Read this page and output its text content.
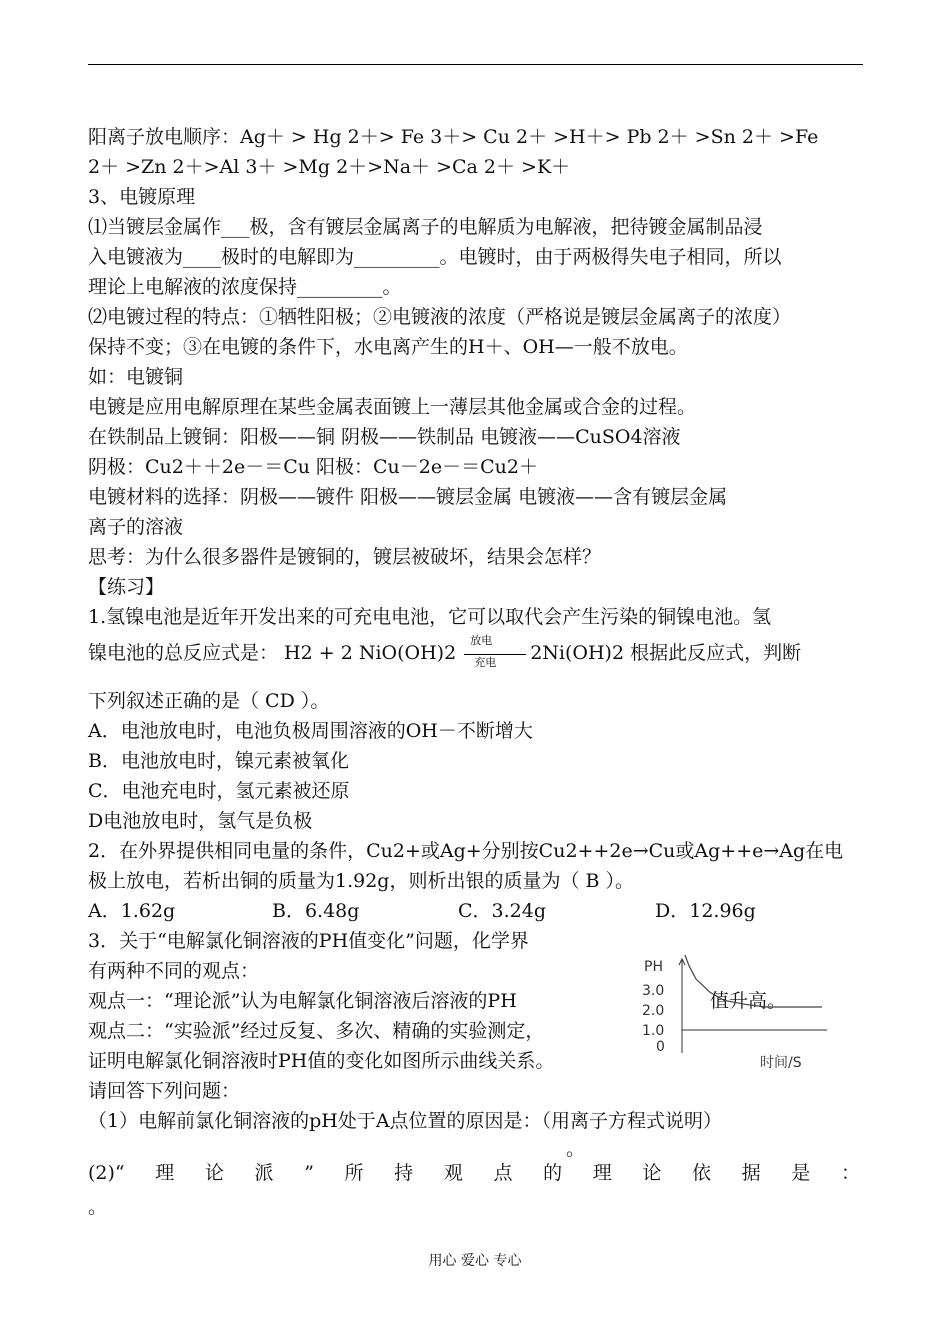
阳离子放电顺序：Ag＋ > Hg 2＋> Fe 3＋> Cu 2＋ >H＋> Pb 2＋ >Sn 2＋ >Fe
2＋ >Zn 2＋>Al 3＋ >Mg 2＋>Na＋ >Ca 2＋ >K＋
3、电镀原理
⑴当镀层金属作___极，含有镀层金属离子的电解质为电解液，把待镀金属制品浸
入电镀液为____极时的电解即为_________。电镀时，由于两极得失电子相同，所以
理论上电解液的浓度保持_________。
⑵电镀过程的特点：①牺牲阳极；②电镀液的浓度（严格说是镀层金属离子的浓度）
保持不变；③在电镀的条件下，水电离产生的H＋、OH—一般不放电。
如：电镀铜
电镀是应用电解原理在某些金属表面镀上一薄层其他金属或合金的过程。
在铁制品上镀铜：阳极——铜 阴极——铁制品 电镀液——CuSO4溶液
阴极：Cu2＋＋2e－＝Cu 阳极：Cu－2e－＝Cu2＋
电镀材料的选择：阴极——镀件 阳极——镀层金属 电镀液——含有镀层金属
离子的溶液
思考：为什么很多器件是镀铜的，镀层被破坏，结果会怎样？
【练习】
1.氢镍电池是近年开发出来的可充电电池，它可以取代会产生污染的铜镍电池。氢
镍电池的总反应式是： H2 + 2 NiO(OH)2
放电
充电 2Ni(OH)2 根据此反应式，判断
下列叙述正确的是（ CD ）。
A．电池放电时，电池负极周围溶液的OH－不断增大
B．电池放电时，镍元素被氧化
C．电池充电时，氢元素被还原
D电池放电时，氢气是负极
2．在外界提供相同电量的条件，Cu2+或Ag+分别按Cu2++2e→Cu或Ag++e→Ag在电
极上放电，若析出铜的质量为1.92g，则析出银的质量为（ B ）。
A．1.62g	B．6.48g	C．3.24g	D．12.96g
3．关于“电解氯化铜溶液的PH值变化”问题，化学界
有两种不同的观点：
观点一：“理论派”认为电解氯化铜溶液后溶液的PH	值升高。
观点二：“实验派”经过反复、多次、精确的实验测定，
证明电解氯化铜溶液时PH值的变化如图所示曲线关系。
请回答下列问题：
（1）电解前氯化铜溶液的pH处于A点位置的原因是：（用离子方程式说明）
。
(2)“ 理 论 派 ” 所 持 观 点 的 理 论 依 据 是 ：
。
PH
3.0
2.0
1.0
0
时间/S
用心 爱心 专心
